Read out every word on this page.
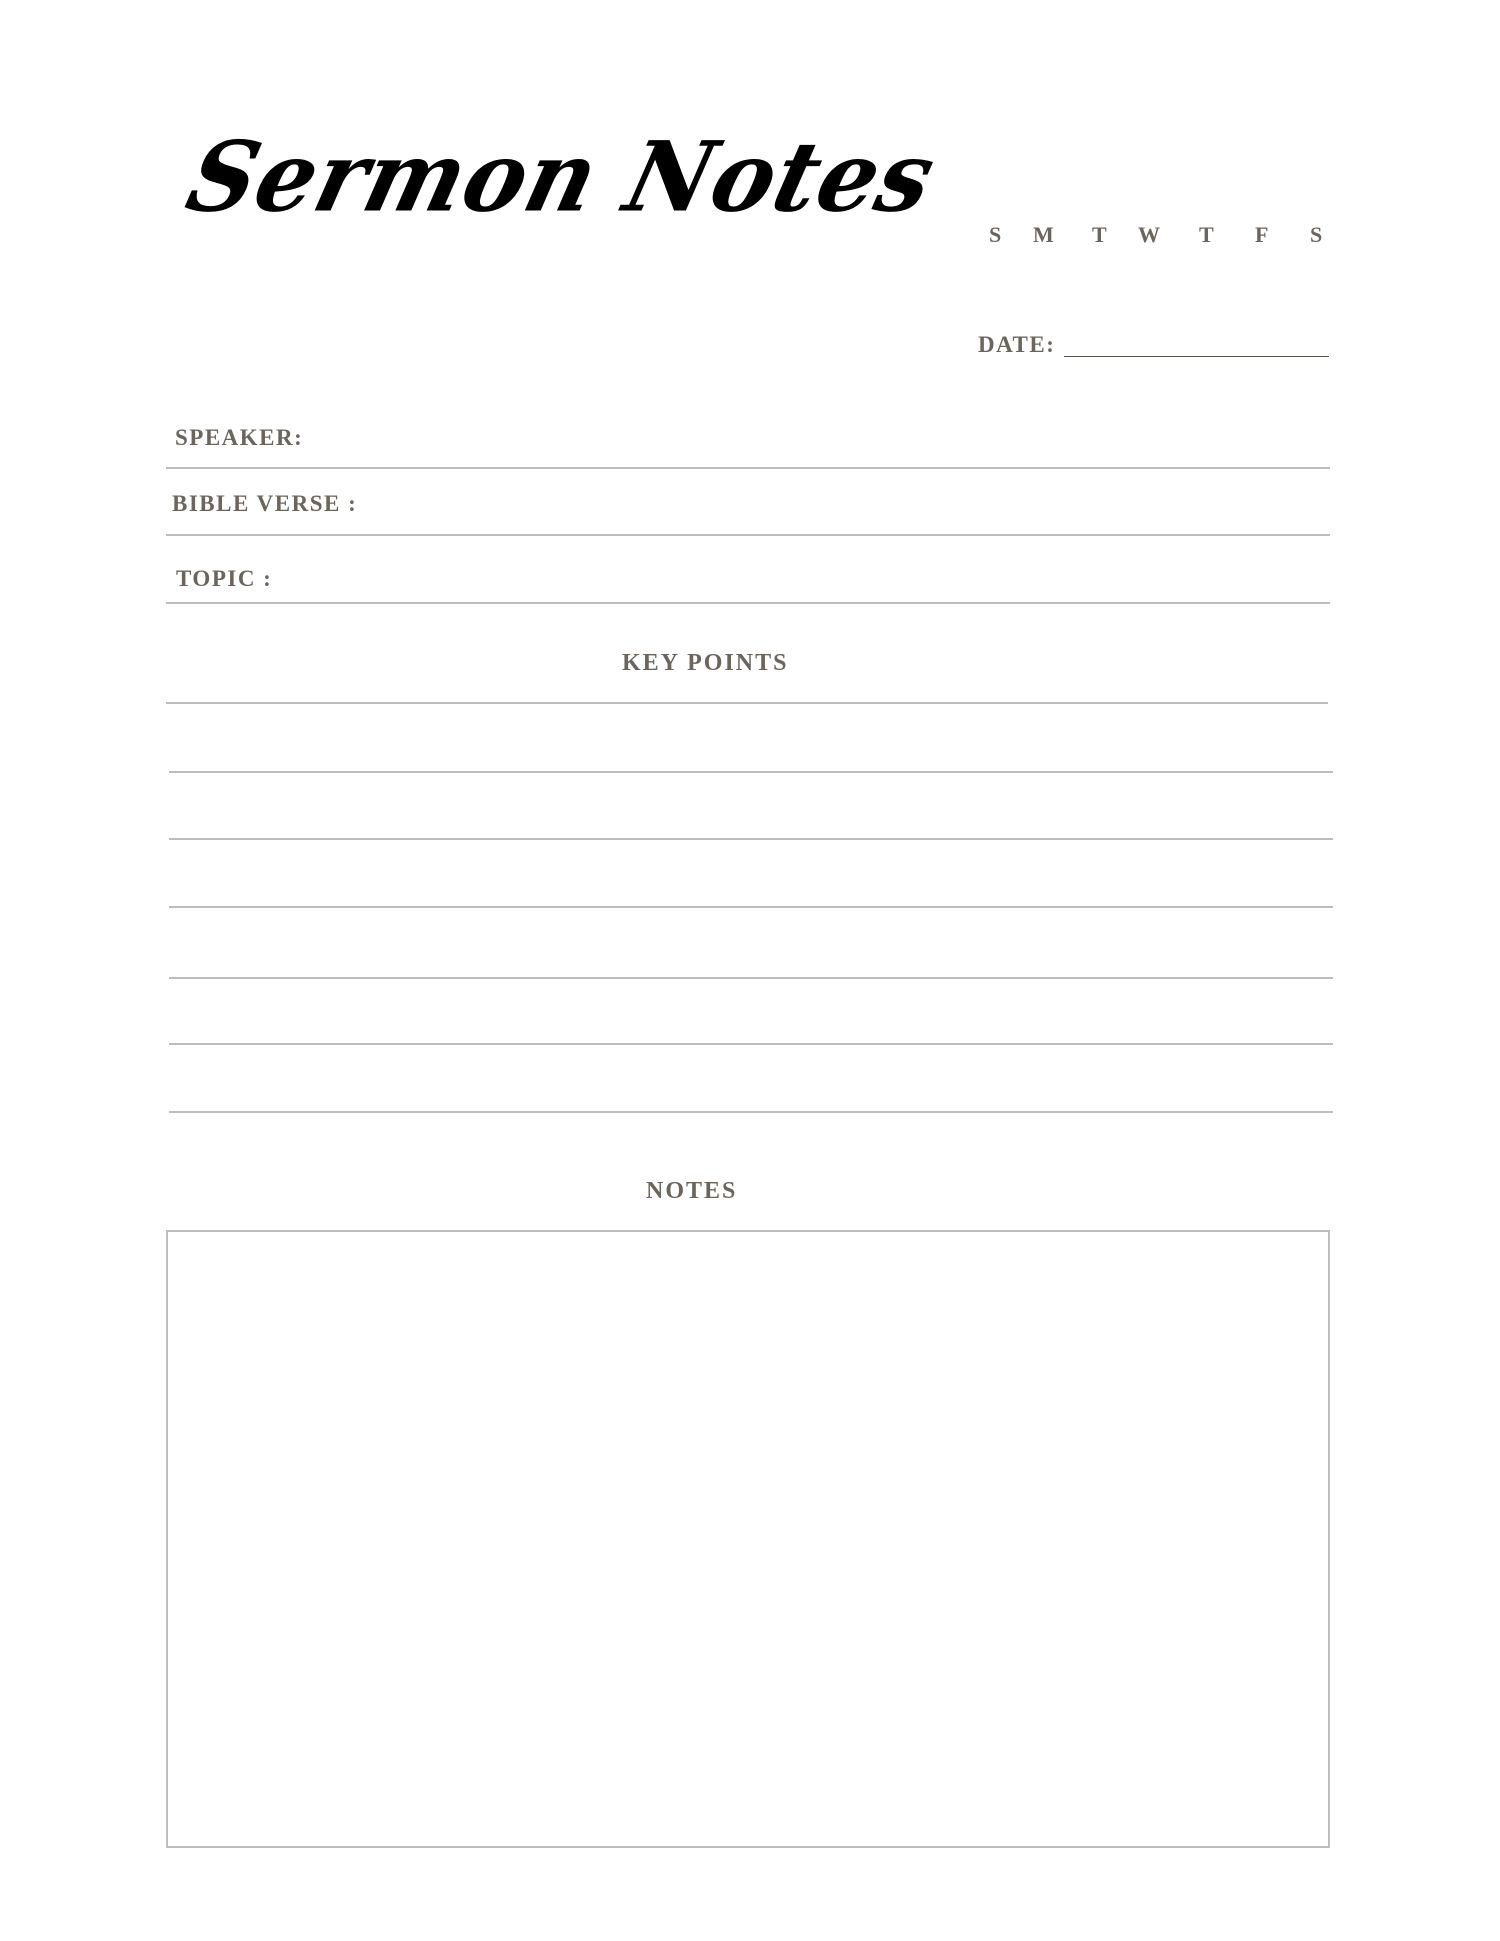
Sermon Notes
S M T W T F S
DATE:
SPEAKER:
BIBLE VERSE :
TOPIC :
KEY POINTS
NOTES
